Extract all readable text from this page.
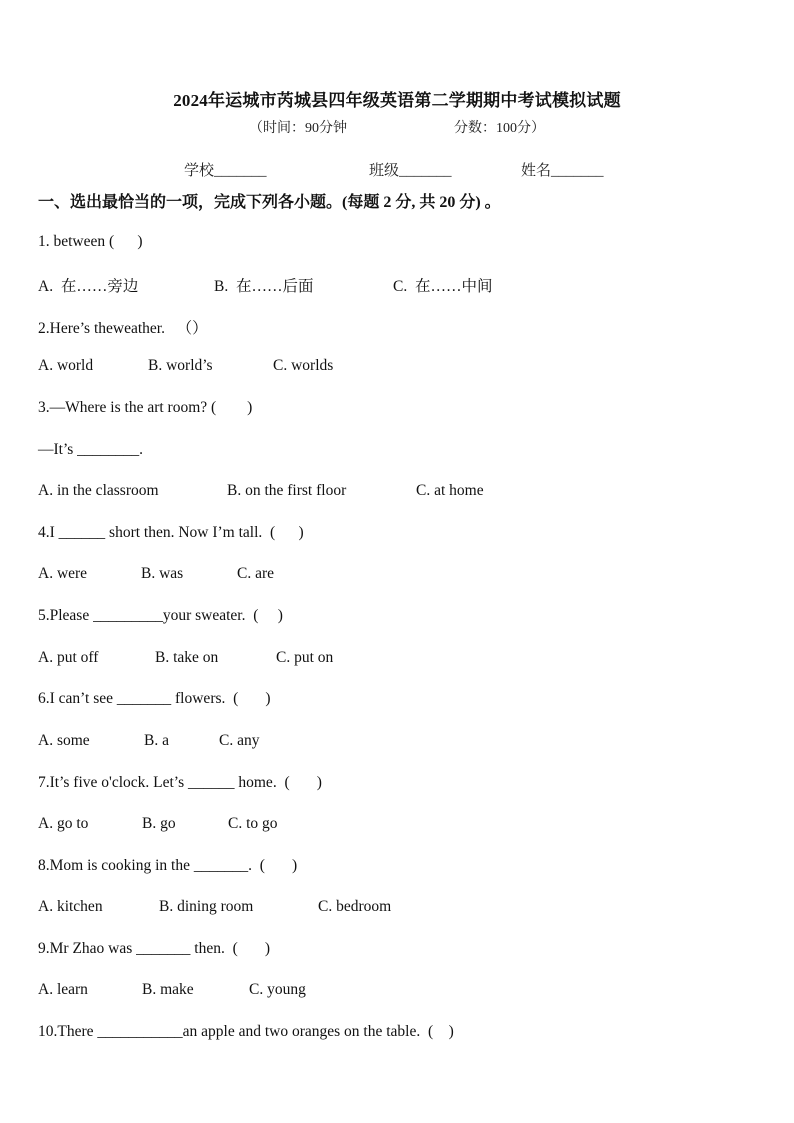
2024年运城市芮城县四年级英语第二学期期中考试模拟试题
（时间：90分钟	分数：100分）
学校_______	班级_______	姓名_______
一、选出最恰当的一项，完成下列各小题。(每题 2 分, 共 20 分) 。
1. between (      )
A.  在……旁边	B.  在……后面	C.  在……中间
2.Here’s theweather.   （）
A. world	B. world’s	C. worlds
3.—Where is the art room? (        )
—It’s ________.
A. in the classroom	B. on the first floor	C. at home
4.I ______ short then. Now I’m tall.  (      )
A. were	B. was	C. are
5.Please _________your sweater.  (     )
A. put off	B. take on	C. put on
6.I can’t see _______ flowers.  (       )
A. some	B. a	C. any
7.It’s five o'clock. Let’s ______ home.  (       )
A. go to	B. go	C. to go
8.Mom is cooking in the _______.  (       )
A. kitchen	B. dining room	C. bedroom
9.Mr Zhao was _______ then.  (       )
A. learn	B. make	C. young
10.There ___________an apple and two oranges on the table.  (    )
